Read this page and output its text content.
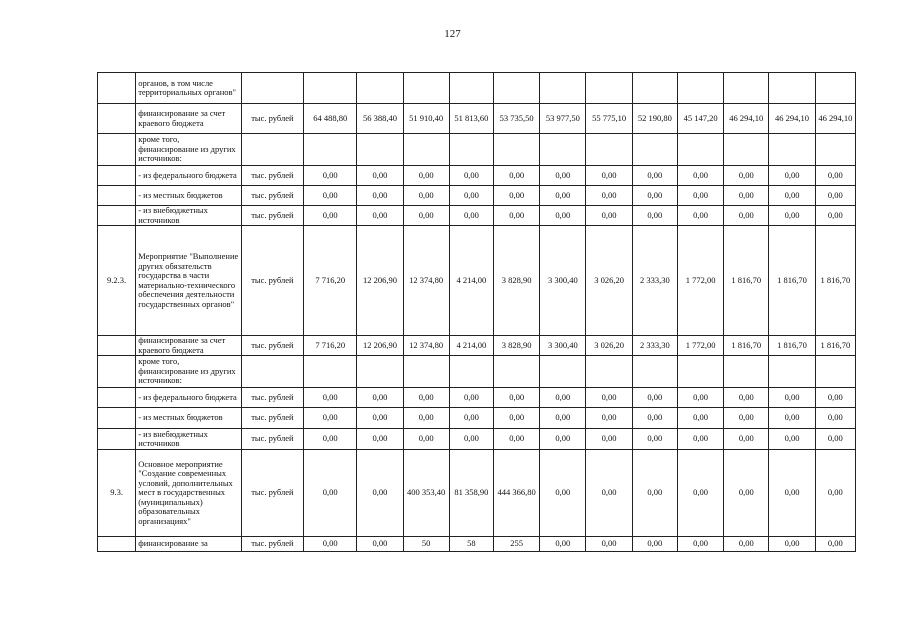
127
	органов, в том числе территориальных органов"													
	финансирование за счет краевого бюджета	тыс. рублей	64 488,80	56 388,40	51 910,40	51 813,60	53 735,50	53 977,50	55 775,10	52 190,80	45 147,20	46 294,10	46 294,10	46 294,10
	кроме того, финансирование из других источников:													
	- из федерального бюджета	тыс. рублей	0,00	0,00	0,00	0,00	0,00	0,00	0,00	0,00	0,00	0,00	0,00	0,00
	- из местных бюджетов	тыс. рублей	0,00	0,00	0,00	0,00	0,00	0,00	0,00	0,00	0,00	0,00	0,00	0,00
	- из внебюджетных источников	тыс. рублей	0,00	0,00	0,00	0,00	0,00	0,00	0,00	0,00	0,00	0,00	0,00	0,00
9.2.3.	Мероприятие "Выполнение других обязательств государства в части материально-технического обеспечения деятельности государственных органов"	тыс. рублей	7 716,20	12 206,90	12 374,80	4 214,00	3 828,90	3 300,40	3 026,20	2 333,30	1 772,00	1 816,70	1 816,70	1 816,70
	финансирование за счет краевого бюджета	тыс. рублей	7 716,20	12 206,90	12 374,80	4 214,00	3 828,90	3 300,40	3 026,20	2 333,30	1 772,00	1 816,70	1 816,70	1 816,70
	кроме того, финансирование из других источников:													
	- из федерального бюджета	тыс. рублей	0,00	0,00	0,00	0,00	0,00	0,00	0,00	0,00	0,00	0,00	0,00	0,00
	- из местных бюджетов	тыс. рублей	0,00	0,00	0,00	0,00	0,00	0,00	0,00	0,00	0,00	0,00	0,00	0,00
	- из внебюджетных источников	тыс. рублей	0,00	0,00	0,00	0,00	0,00	0,00	0,00	0,00	0,00	0,00	0,00	0,00
9.3.	Основное мероприятие "Создание современных условий, дополнительных мест в государственных (муниципальных) образовательных организациях"	тыс. рублей	0,00	0,00	400 353,40	81 358,90	444 366,80	0,00	0,00	0,00	0,00	0,00	0,00	0,00
	финансирование за	тыс. рублей	0,00	0,00	50	58	255	0,00	0,00	0,00	0,00	0,00	0,00	0,00
